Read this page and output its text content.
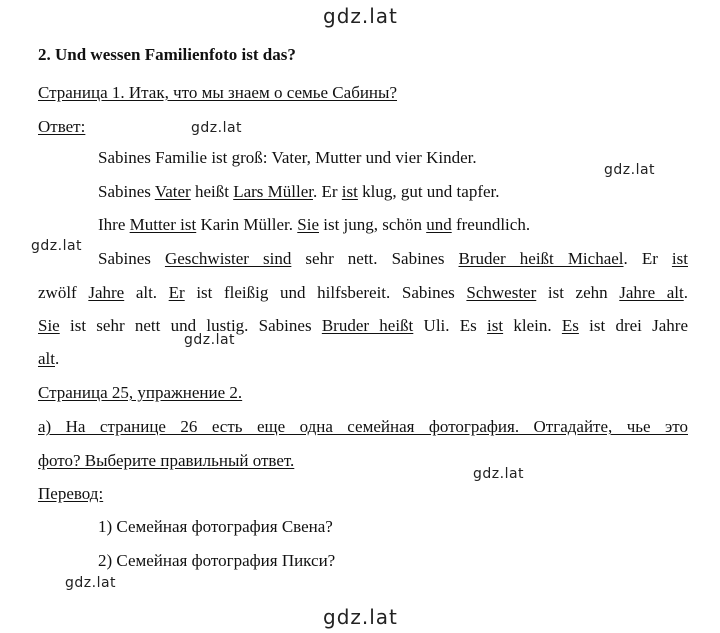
gdz.lat
gdz.lat
gdz.lat
gdz.lat
gdz.lat
gdz.lat
gdz.lat
gdz.lat
2. Und wessen Familienfoto ist das?
Страница 1. Итак, что мы знаем о семье Сабины?
Ответ:
Sabines Familie ist groß: Vater, Mutter und vier Kinder.
Sabines Vater heißt Lars Müller. Er ist klug, gut und tapfer.
Ihre Mutter ist Karin Müller. Sie ist jung, schön und freundlich.
Sabines Geschwister sind sehr nett. Sabines Bruder heißt Michael. Er ist
zwölf Jahre alt. Er ist fleißig und hilfsbereit. Sabines Schwester ist zehn Jahre alt.
Sie ist sehr nett und lustig. Sabines Bruder heißt Uli. Es ist klein. Es ist drei Jahre
alt.
Страница 25, упражнение 2.
а) На странице 26 есть еще одна семейная фотография. Отгадайте, чье это
фото? Выберите правильный ответ.
Перевод:
1) Семейная фотография Свена?
2) Семейная фотография Пикси?
